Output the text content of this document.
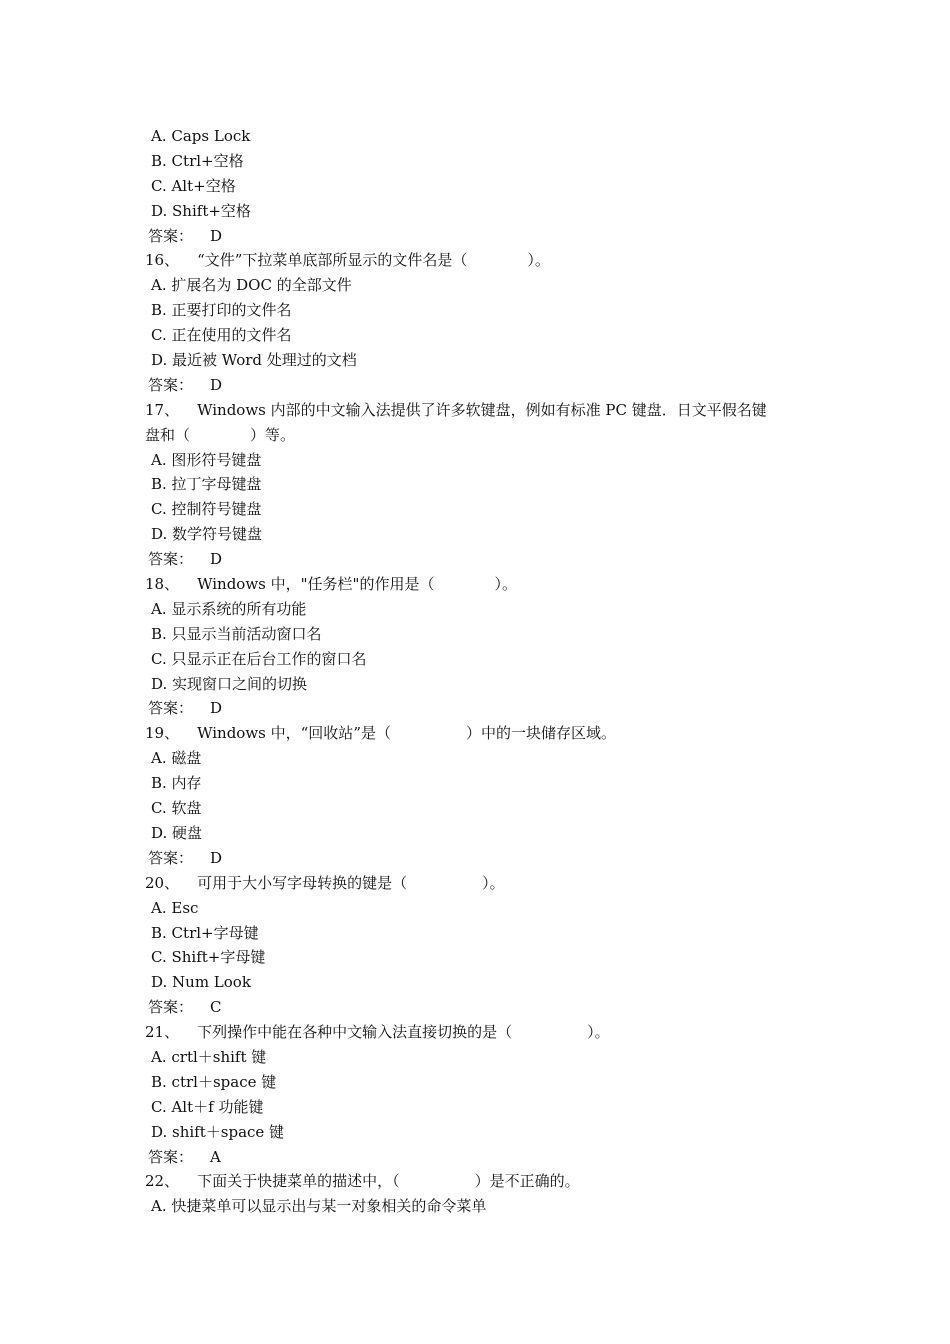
A. Caps Lock
B. Ctrl+空格
C. Alt+空格
D. Shift+空格
答案： D
16、 “文件”下拉菜单底部所显示的文件名是（　　　　）。
A. 扩展名为 DOC 的全部文件
B. 正要打印的文件名
C. 正在使用的文件名
D. 最近被 Word 处理过的文档
答案： D
17、 Windows 内部的中文输入法提供了许多软键盘，例如有标准 PC 键盘．日文平假名键
盘和（　　　　）等。
A. 图形符号键盘
B. 拉丁字母键盘
C. 控制符号键盘
D. 数学符号键盘
答案： D
18、 Windows 中，"任务栏"的作用是（　　　　）。
A. 显示系统的所有功能
B. 只显示当前活动窗口名
C. 只显示正在后台工作的窗口名
D. 实现窗口之间的切换
答案： D
19、 Windows 中，“回收站”是（　　　　　）中的一块储存区域。
A. 磁盘
B. 内存
C. 软盘
D. 硬盘
答案： D
20、 可用于大小写字母转换的键是（　　　　　）。
A. Esc
B. Ctrl+字母键
C. Shift+字母键
D. Num Look
答案： C
21、 下列操作中能在各种中文输入法直接切换的是（　　　　　）。
A. crtl＋shift 键
B. ctrl＋space 键
C. Alt＋f 功能键
D. shift＋space 键
答案： A
22、 下面关于快捷菜单的描述中，（　　　　　）是不正确的。
A. 快捷菜单可以显示出与某一对象相关的命令菜单
